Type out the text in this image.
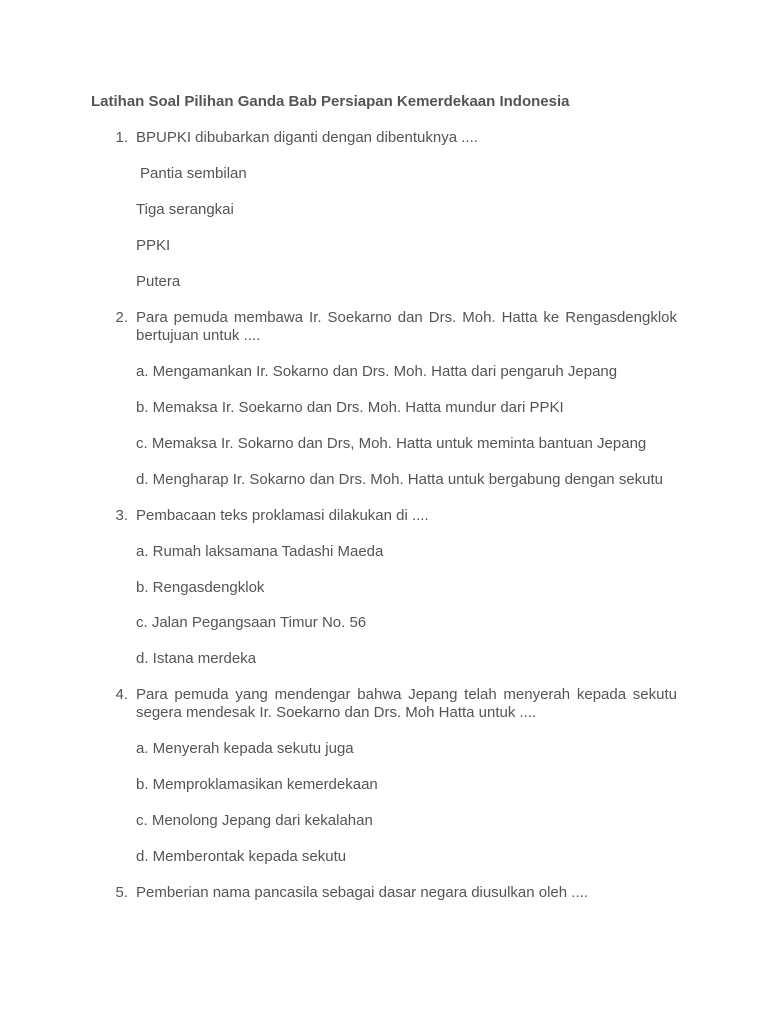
Latihan Soal Pilihan Ganda Bab Persiapan Kemerdekaan Indonesia
1. BPUPKI dibubarkan diganti dengan dibentuknya ....
Pantia sembilan
Tiga serangkai
PPKI
Putera
2. Para pemuda membawa Ir. Soekarno dan Drs. Moh. Hatta ke Rengasdengklok bertujuan untuk ....
a. Mengamankan Ir. Sokarno dan Drs. Moh. Hatta dari pengaruh Jepang
b. Memaksa Ir. Soekarno dan Drs. Moh. Hatta mundur dari PPKI
c. Memaksa Ir. Sokarno dan Drs, Moh. Hatta untuk meminta bantuan Jepang
d. Mengharap Ir. Sokarno dan Drs. Moh. Hatta untuk bergabung dengan sekutu
3. Pembacaan teks proklamasi dilakukan di ....
a. Rumah laksamana Tadashi Maeda
b. Rengasdengklok
c. Jalan Pegangsaan Timur No. 56
d. Istana merdeka
4. Para pemuda yang mendengar bahwa Jepang telah menyerah kepada sekutu segera mendesak Ir. Soekarno dan Drs. Moh Hatta untuk ....
a. Menyerah kepada sekutu juga
b. Memproklamasikan kemerdekaan
c. Menolong Jepang dari kekalahan
d. Memberontak kepada sekutu
5. Pemberian nama pancasila sebagai dasar negara diusulkan oleh ....
